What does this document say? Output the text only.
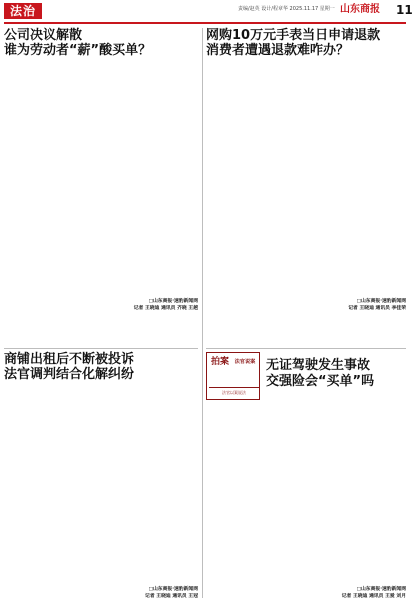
法治	责编/赵英 设计/程章华 2025.11.17 星期一 山东商报	11
公司决议解散
谁为劳动者“薪”酸买单？
□山东商报·速豹新闻网
记者 王晓迪 通讯员 齐晓 王越
网购10万元手表当日申请退款
消费者遭遇退款难咋办？
□山东商报·速豹新闻网
记者 王晓迪 通讯员 李佳荣
商铺出租后不断被投诉
法官调判结合化解纠纷
□山东商报·速豹新闻网
记者 王晓迪 通讯员 王冠
拍案	法官说案
法官以案说法
无证驾驶发生事故
交强险会“买单”吗
□山东商报·速豹新闻网
记者 王晓迪 通讯员 王爱 刘月
